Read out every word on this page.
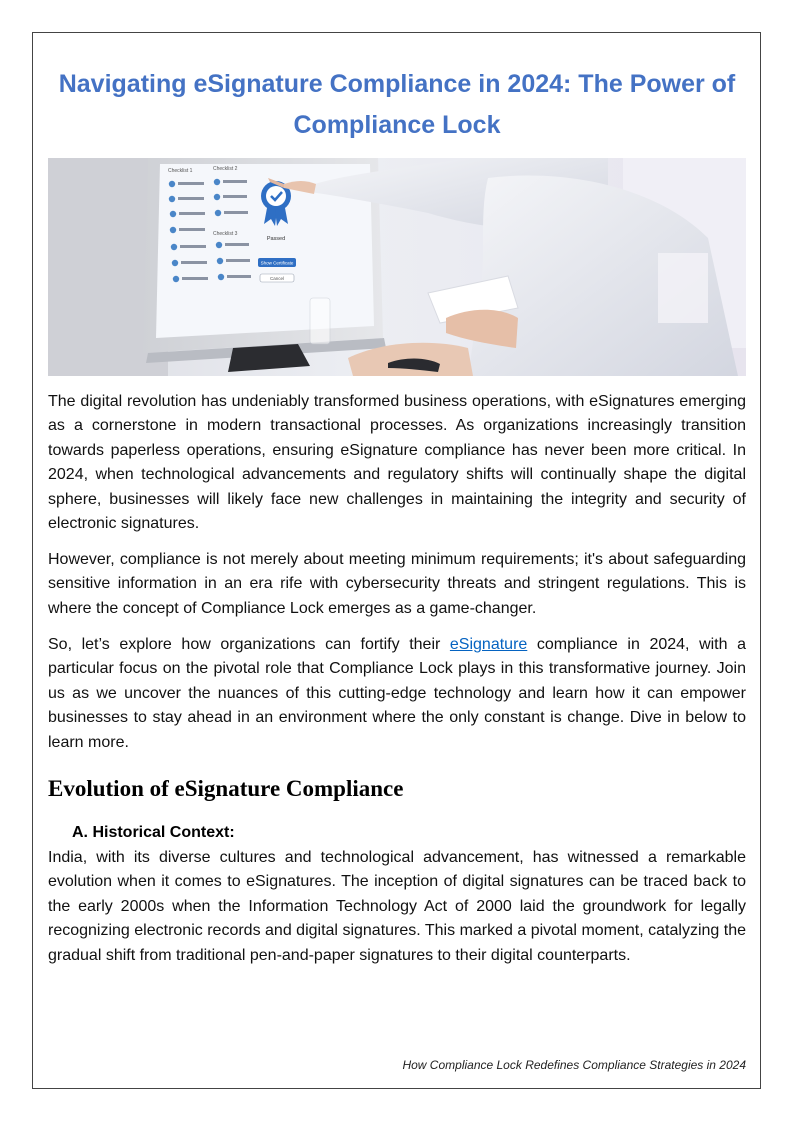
Navigating eSignature Compliance in 2024: The Power of Compliance Lock
Checklist 1	Checklist 2
Checklist 3
Passed
Show Certificate
Cancel

The digital revolution has undeniably transformed business operations, with eSignatures emerging as a cornerstone in modern transactional processes. As organizations increasingly transition towards paperless operations, ensuring eSignature compliance has never been more critical. In 2024, when technological advancements and regulatory shifts will continually shape the digital sphere, businesses will likely face new challenges in maintaining the integrity and security of electronic signatures.

However, compliance is not merely about meeting minimum requirements; it's about safeguarding sensitive information in an era rife with cybersecurity threats and stringent regulations. This is where the concept of Compliance Lock emerges as a game-changer.

So, let’s explore how organizations can fortify their eSignature compliance in 2024, with a particular focus on the pivotal role that Compliance Lock plays in this transformative journey. Join us as we uncover the nuances of this cutting-edge technology and learn how it can empower businesses to stay ahead in an environment where the only constant is change. Dive in below to learn more.

Evolution of eSignature Compliance
A. Historical Context:

India, with its diverse cultures and technological advancement, has witnessed a remarkable evolution when it comes to eSignatures. The inception of digital signatures can be traced back to the early 2000s when the Information Technology Act of 2000 laid the groundwork for legally recognizing electronic records and digital signatures. This marked a pivotal moment, catalyzing the gradual shift from traditional pen-and-paper signatures to their digital counterparts.

How Compliance Lock Redefines Compliance Strategies in 2024
